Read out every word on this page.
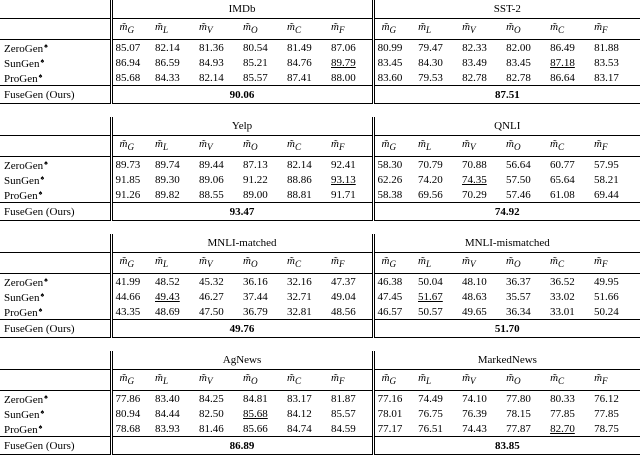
	IMDb						SST-2					
	$m̃_G$	$m̃_L$	$m̃_V$	$m̃_O$	$m̃_C$	$m̃_F$	$m̃_G$	$m̃_L$	$m̃_V$	$m̃_O$	$m̃_C$	$m̃_F$
ZeroGen♠	85.07	82.14	81.36	80.54	81.49	87.06	80.99	79.47	82.33	82.00	86.49	81.88
SunGen♠	86.94	86.59	84.93	85.21	84.76	89.79	83.45	84.30	83.49	83.45	87.18	83.53
ProGen♠	85.68	84.33	82.14	85.57	87.41	88.00	83.60	79.53	82.78	82.78	86.64	83.17
FuseGen (Ours)	90.06						87.51					
	Yelp						QNLI					
	$m̃_G$	$m̃_L$	$m̃_V$	$m̃_O$	$m̃_C$	$m̃_F$	$m̃_G$	$m̃_L$	$m̃_V$	$m̃_O$	$m̃_C$	$m̃_F$
ZeroGen♠	89.73	89.74	89.44	87.13	82.14	92.41	58.30	70.79	70.88	56.64	60.77	57.95
SunGen♠	91.85	89.30	89.06	91.22	88.86	93.13	62.26	74.20	74.35	57.50	65.64	58.21
ProGen♠	91.26	89.82	88.55	89.00	88.81	91.71	58.38	69.56	70.29	57.46	61.08	69.44
FuseGen (Ours)	93.47						74.92					
	MNLI-matched						MNLI-mismatched					
	$m̃_G$	$m̃_L$	$m̃_V$	$m̃_O$	$m̃_C$	$m̃_F$	$m̃_G$	$m̃_L$	$m̃_V$	$m̃_O$	$m̃_C$	$m̃_F$
ZeroGen♠	41.99	48.52	45.32	36.16	32.16	47.37	46.38	50.04	48.10	36.37	36.52	49.95
SunGen♠	44.66	49.43	46.27	37.44	32.71	49.04	47.45	51.67	48.63	35.57	33.02	51.66
ProGen♠	43.35	48.69	47.50	36.79	32.81	48.56	46.57	50.57	49.65	36.34	33.01	50.24
FuseGen (Ours)	49.76						51.70					
	AgNews						MarkedNews					
	$m̃_G$	$m̃_L$	$m̃_V$	$m̃_O$	$m̃_C$	$m̃_F$	$m̃_G$	$m̃_L$	$m̃_V$	$m̃_O$	$m̃_C$	$m̃_F$
ZeroGen♠	77.86	83.40	84.25	84.81	83.17	81.87	77.16	74.49	74.10	77.80	80.33	76.12
SunGen♠	80.94	84.44	82.50	85.68	84.12	85.57	78.01	76.75	76.39	78.15	77.85	77.85
ProGen♠	78.68	83.93	81.46	85.66	84.74	84.59	77.17	76.51	74.43	77.87	82.70	78.75
FuseGen (Ours)	86.89						83.85					
